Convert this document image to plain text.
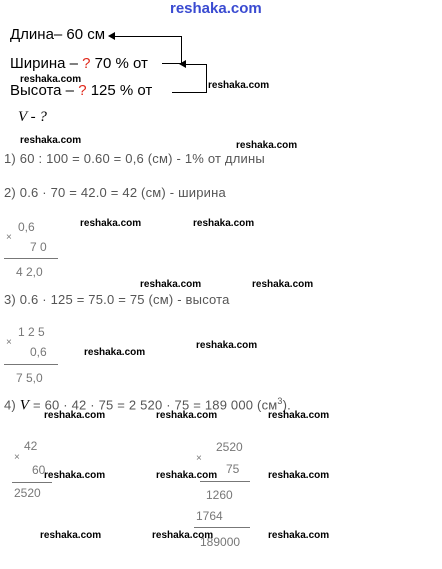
reshaka.com
Длина– 60 см
Ширина – ? 70 % от
Высота – ? 125 % от
V - ?
1) 60 : 100 = 0.60 = 0,6 (см) - 1% от длины
2) 0.6 · 70 = 42.0 = 42 (см) - ширина
3) 0.6 · 125 = 75.0 = 75 (см) - высота
4) V = 60 · 42 · 75 = 2 520 · 75 = 189 000 $(см^3)$.
×
0,6
7 0
4 2,0
×
1 2 5
0,6
7 5,0
×
42
60
2520
×
2520
75
1260
1764
189000
reshaka.com
reshaka.com
reshaka.com	reshaka.com
reshaka.com	reshaka.com
reshaka.com	reshaka.com
reshaka.com
reshaka.com
reshaka.com	reshaka.com	reshaka.com
reshaka.com	reshaka.com	reshaka.com
reshaka.com	reshaka.com	reshaka.com
